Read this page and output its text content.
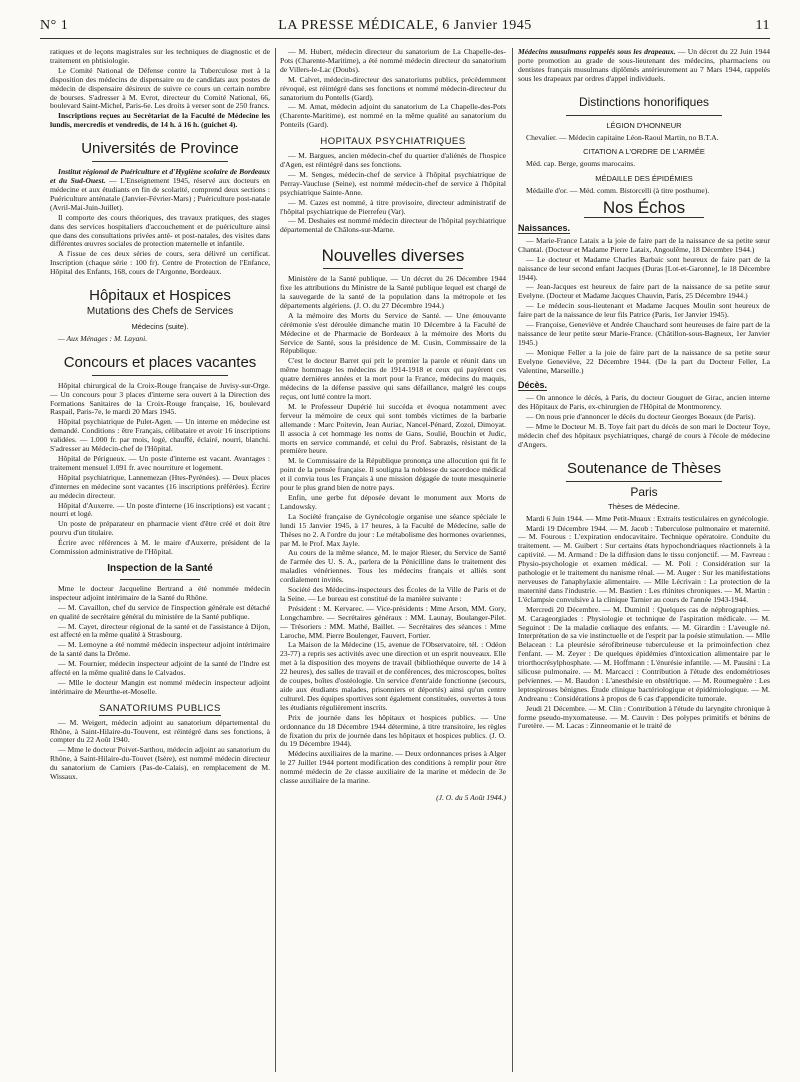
N° 1	LA PRESSE MÉDICALE, 6 Janvier 1945	11

ratiques et de leçons magistrales sur les techniques de diagnostic et de traitement en phtisiologie.

Le Comité National de Défense contre la Tuberculose met à la disposition des médecins de dispensaire ou de candidats aux postes de médecin de dispensaire désireux de suivre ce cours un certain nombre de bourses. S'adresser à M. Evrot, directeur du Comité National, 66, boulevard Saint-Michel, Paris-6e. Les droits à verser sont de 250 francs.

Inscriptions reçues au Secrétariat de la Faculté de Médecine les lundis, mercredis et vendredis, de 14 h. à 16 h. (guichet 4).

Universités de Province

Institut régional de Puériculture et d'Hygiène scolaire de Bordeaux et du Sud-Ouest. — L'Enseignement 1945, réservé aux docteurs en médecine et aux étudiants en fin de scolarité, comprend deux sections : Puériculture anténatale (Janvier-Février-Mars) ; Puériculture post-natale (Avril-Mai-Juin-Juillet).

Il comporte des cours théoriques, des travaux pratiques, des stages dans des services hospitaliers d'accouchement et de puériculture ainsi que dans des consultations privées anté- et post-natales, des visites dans différentes œuvres sociales de protection maternelle et infantile.

A l'issue de ces deux séries de cours, sera délivré un certificat. Inscription (chaque série : 100 fr). Centre de Protection de l'Enfance, Hôpital des Enfants, 168, cours de l'Argonne, Bordeaux.

Hôpitaux et Hospices
Mutations des Chefs de Services
Médecins (suite).

— Aux Ménages : M. Layani.

Concours et places vacantes

Hôpital chirurgical de la Croix-Rouge française de Juvisy-sur-Orge. — Un concours pour 3 places d'interne sera ouvert à la Direction des Formations Sanitaires de la Croix-Rouge française, 16, boulevard Raspail, Paris-7e, le mardi 20 Mars 1945.

Hôpital psychiatrique de Pulet-Agen. — Un interne en médecine est demandé. Conditions : être Français, célibataire et avoir 16 inscriptions validées. — 1.000 fr. par mois, logé, chauffé, éclairé, nourri, blanchi. S'adresser au Médecin-chef de l'Hôpital.

Hôpital de Périgueux. — Un poste d'interne est vacant. Avantages : traitement mensuel 1.091 fr. avec nourriture et logement.

Hôpital psychiatrique, Lannemezan (Htes-Pyrénées). — Deux places d'internes en médecine sont vacantes (16 inscriptions préférées). Écrire au médecin directeur.

Hôpital d'Auxerre. — Un poste d'interne (16 inscriptions) est vacant ; nourri et logé.

Un poste de préparateur en pharmacie vient d'être créé et doit être pourvu d'un titulaire.

Écrire avec références à M. le maire d'Auxerre, président de la Commission administrative de l'Hôpital.

Inspection de la Santé

Mme le docteur Jacqueline Bertrand a été nommée médecin inspecteur adjoint intérimaire de la Santé du Rhône.

— M. Cavaillon, chef du service de l'inspection générale est détaché en qualité de secrétaire général du ministère de la Santé publique.

— M. Cayet, directeur régional de la santé et de l'assistance à Dijon, est affecté en la même qualité à Strasbourg.

— M. Lemoyne a été nommé médecin inspecteur adjoint intérimaire de la santé dans la Drôme.

— M. Fournier, médecin inspecteur adjoint de la santé de l'Indre est affecté en la même qualité dans le Calvados.

— Mlle le docteur Mangin est nommé médecin inspecteur adjoint intérimaire de Meurthe-et-Moselle.

SANATORIUMS PUBLICS

— M. Weigert, médecin adjoint au sanatorium départemental du Rhône, à Saint-Hilaire-du-Touvent, est réintégré dans ses fonctions, à compter du 22 Août 1940.

— Mme le docteur Poivet-Sarthou, médecin adjoint au sanatorium du Rhône, à Saint-Hilaire-du-Touvet (Isère), est nommé médecin directeur du sanatorium de Camiers (Pas-de-Calais), en remplacement de M. Wissaux.

— M. Hubert, médecin directeur du sanatorium de La Chapelle-des-Pots (Charente-Maritime), a été nommé médecin directeur du sanatorium de Villers-le-Lac (Doubs).

M. Calvet, médecin-directeur des sanatoriums publics, précédemment révoqué, est réintégré dans ses fonctions et nommé médecin-directeur du sanatorium du Pontells (Gard).

— M. Amat, médecin adjoint du sanatorium de La Chapelle-des-Pots (Charente-Maritime), est nommé en la même qualité au sanatorium du Ponteils (Gard).

HOPITAUX PSYCHIATRIQUES

— M. Bargues, ancien médecin-chef du quartier d'aliénés de l'hospice d'Agen, est réintégré dans ses fonctions.

— M. Senges, médecin-chef de service à l'hôpital psychiatrique de Perray-Vaucluse (Seine), est nommé médecin-chef de service à l'hôpital psychiatrique Sainte-Anne.

— M. Cazes est nommé, à titre provisoire, directeur administratif de l'hôpital psychiatrique de Pierrefeu (Var).

— M. Deshaies est nommé médecin directeur de l'hôpital psychiatrique départemental de Châlons-sur-Marne.

Nouvelles diverses

Ministère de la Santé publique. — Un décret du 26 Décembre 1944 fixe les attributions du Ministre de la Santé publique lequel est chargé de la sauvegarde de la santé de la population dans la métropole et les départements algériens. (J. O. du 27 Décembre 1944.)

A la mémoire des Morts du Service de Santé. — Une émouvante cérémonie s'est déroulée dimanche matin 10 Décembre à la Faculté de Médecine et de Pharmacie de Bordeaux à la mémoire des Morts du Service de Santé, sous la présidence de M. Cusin, Commissaire de la République.

C'est le docteur Barret qui prit le premier la parole et réunit dans un même hommage les médecins de 1914-1918 et ceux qui payèrent ces quatre dernières années et la mort pour la France, médecins du maquis, médecins de la défense passive qui sans défaillance, malgré les coups reçus, ont lutté contre la mort.

M. le Professeur Dupérié lui succéda et évoqua notamment avec ferveur la mémoire de ceux qui sont tombés victimes de la barbarie allemande : Marc Poitevin, Jean Auriac, Nancel-Pénard, Zozol, Dimoyat. Il associa à cet hommage les noms de Gans, Soulié, Bouchin et Judic, morts en service commandé, et celui du Prof. Sabrazès, résistant de la première heure.

M. le Commissaire de la République prononça une allocution qui fit le point de la pensée française. Il souligna la noblesse du sacerdoce médical et il convia tous les Français à une mission dégagée de toute mesquinerie pour le plus grand bien de notre pays.

Enfin, une gerbe fut déposée devant le monument aux Morts de Landowsky.

La Société française de Gynécologie organise une séance spéciale le lundi 15 Janvier 1945, à 17 heures, à la Faculté de Médecine, salle de Thèses no 2. A l'ordre du jour : Le métabolisme des hormones ovariennes, par M. le Prof. Max Jayle.

Au cours de la même séance, M. le major Rieser, du Service de Santé de l'armée des U. S. A., parlera de la Pénicilline dans le traitement des maladies vénériennes. Tous les médecins français et alliés sont cordialement invités.

Société des Médecins-inspecteurs des Écoles de la Ville de Paris et de la Seine. — Le bureau est constitué de la manière suivante :

Président : M. Kervarec. — Vice-présidents : Mme Arson, MM. Gory, Longchambre. — Secrétaires généraux : MM. Launay, Boulanger-Pilet. — Trésoriers : MM. Mathé, Baillet. — Secrétaires des séances : Mme Laroche, MM. Pierre Boulenger, Fauvert, Fortier.

La Maison de la Médecine (15, avenue de l'Observatoire, tél. : Odéon 23-77) a repris ses activités avec une direction et un esprit nouveaux. Elle met à la disposition des moyens de travail (bibliothèque ouverte de 14 à 22 heures), des salles de travail et de conférences, des microscopes, boîtes de coupes, boîtes d'ostéologie. Un service d'entr'aide fonctionne (secours, aide aux étudiants malades, prisonniers et déportés) ainsi qu'un centre culturel. Des équipes sportives sont également constituées, ouvertes à tous les étudiants régulièrement inscrits.

Prix de journée dans les hôpitaux et hospices publics. — Une ordonnance du 18 Décembre 1944 détermine, à titre transitoire, les règles de fixation du prix de journée dans les hôpitaux et hospices publics. (J. O. du 19 Décembre 1944).

Médecins auxiliaires de la marine. — Deux ordonnances prises à Alger le 27 Juillet 1944 portent modification des conditions à remplir pour être nommé médecin de 2e classe auxiliaire de la marine et médecin de 3e classe auxiliaire de la marine.

(J. O. du 5 Août 1944.)

Médecins musulmans rappelés sous les drapeaux. — Un décret du 22 Juin 1944 porte promotion au grade de sous-lieutenant des médecins, pharmaciens ou dentistes français musulmans diplômés antérieurement au 7 Mars 1944, rappelés sous les drapeaux par ordres d'appel individuels.

Distinctions honorifiques
LÉGION D'HONNEUR

Chevalier. — Médecin capitaine Léon-Raoul Martin, no B.T.A.

CITATION A L'ORDRE DE L'ARMÉE

Méd. cap. Berge, goums marocains.

MÉDAILLE DES ÉPIDÉMIES

Médaille d'or. — Méd. comm. Bistorcelli (à titre posthume).

Nos Échos
Naissances.

— Marie-France Lataix a la joie de faire part de la naissance de sa petite sœur Chantal. (Docteur et Madame Pierre Lataix, Angoulême, 18 Décembre 1944.)

— Le docteur et Madame Charles Barbaic sont heureux de faire part de la naissance de leur second enfant Jacques (Duras [Lot-et-Garonne], le 18 Décembre 1944).

— Jean-Jacques est heureux de faire part de la naissance de sa petite sœur Evelyne. (Docteur et Madame Jacques Chauvin, Paris, 25 Décembre 1944.)

— Le médecin sous-lieutenant et Madame Jacques Moulin sont heureux de faire part de la naissance de leur fils Patrice (Paris, 1er Janvier 1945).

— Françoise, Geneviève et Andrée Chauchard sont heureuses de faire part de la naissance de leur petite sœur Marie-France. (Châtillon-sous-Bagneux, 1er Janvier 1945.)

— Monique Feller a la joie de faire part de la naissance de sa petite sœur Evelyne Geneviève, 22 Décembre 1944. (De la part du Docteur Feller, La Valentine, Marseille.)

Décès.

— On annonce le décès, à Paris, du docteur Gouguet de Girac, ancien interne des Hôpitaux de Paris, ex-chirurgien de l'Hôpital de Montmorency.

— On nous prie d'annoncer le décès du docteur Georges Boeaux (de Paris).

— Mme le Docteur M. B. Toye fait part du décès de son mari le Docteur Toye, médecin chef des hôpitaux psychiatriques, chargé de cours à l'école de médecine d'Angers.

Soutenance de Thèses
Paris
Thèses de Médecine.

Mardi 6 Juin 1944. — Mme Petit-Muaux : Extraits testiculaires en gynécologie.

Mardi 19 Décembre 1944. — M. Jacob : Tuberculose pulmonaire et maternité. — M. Fourous : L'expiration endocavitaire. Technique opératoire. Conduite du traitement. — M. Guibert : Sur certains états hypochondriaques réactionnels à la captivité. — M. Armand : De la diffusion dans le tissu conjonctif. — M. Favreau : Physio-psychologie et examen médical. — M. Poli : Considération sur la pathologie et le traitement du nanisme rénal. — M. Auger : Sur les manifestations nerveuses de l'anaphylaxie alimentaire. — Mlle Lécrivain : La protection de la maternité dans l'industrie. — M. Bastien : Les rhinites chroniques. — M. Martin : L'éclampsie convulsive à la clinique Tarnier au cours de l'année 1943-1944.

Mercredi 20 Décembre. — M. Duminil : Quelques cas de néphrographies. — M. Carageorgiades : Physiologie et technique de l'aspiration médicale. — M. Seguinot : De la maladie cœliaque des enfants. — M. Girardin : L'aveugle né. Interprétation de sa vie instinctuelle et de l'esprit par la poésie stimulation. — Mlle Belacean : La pleurésie sérofibrineuse tuberculeuse et la primoinfection chez l'enfant. — M. Zeyer : De quelques épidémies d'intoxication alimentaire par le triorthocrésylphosphate. — M. Hoffmann : L'énurésie infantile. — M. Pausini : La silicose pulmonaire. — M. Marcacci : Contribution à l'étude des endométrioses pelviennes. — M. Baudon : L'anesthésie en obstétrique. — M. Roumeguère : Les leptospiroses bénignes. Étude clinique bactériologique et épidémiologique. — M. Andreanu : Considérations à propos de 6 cas d'appendicite tumorale.

Jeudi 21 Décembre. — M. Clin : Contribution à l'étude du laryngite chronique à forme pseudo-myxomateuse. — M. Cauvin : Des polypes primitifs et bénins de l'uretère. — M. Lacas : Zinneomanie et le traité de
